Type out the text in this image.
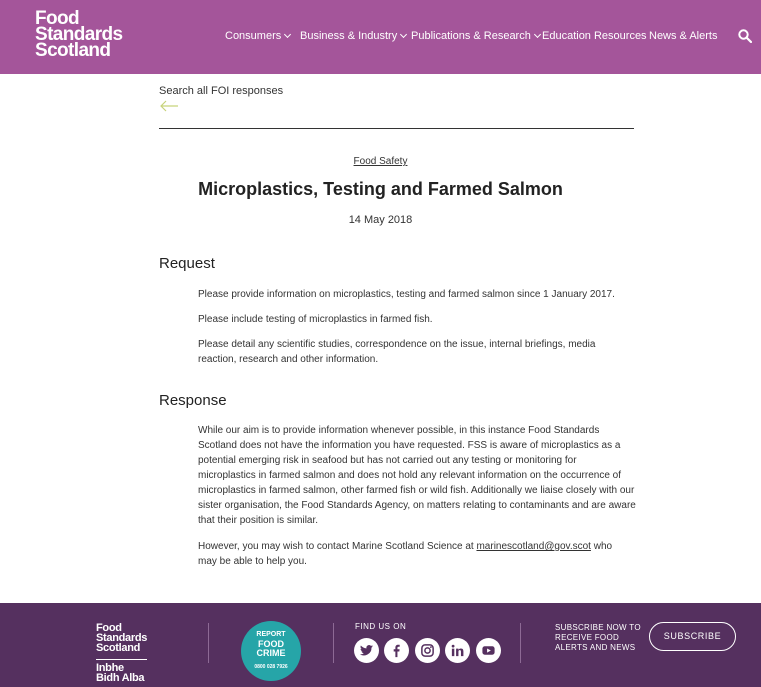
Food
Standards
Scotland
Consumers	Business & Industry	Publications & Research	Education Resources News & Alerts
Search all FOI responses
Food Safety
Microplastics, Testing and Farmed Salmon
14 May 2018
Request
Please provide information on microplastics, testing and farmed salmon since 1 January 2017.
Please include testing of microplastics in farmed fish.
Please detail any scientific studies, correspondence on the issue, internal briefings, media reaction, research and other information.
Response
While our aim is to provide information whenever possible, in this instance Food Standards Scotland does not have the information you have requested. FSS is aware of microplastics as a potential emerging risk in seafood but has not carried out any testing or monitoring for microplastics in farmed salmon and does not hold any relevant information on the occurrence of microplastics in farmed salmon, other farmed fish or wild fish. Additionally we liaise closely with our sister organisation, the Food Standards Agency, on matters relating to contaminants and are aware that their position is similar.
However, you may wish to contact Marine Scotland Science at marinescotland@gov.scot who may be able to help you.
Food
Standards
Scotland
Inbhe
Bidh Alba
REPORT
FOOD
CRIME
0800 028 7926
FIND US ON	SUBSCRIBE NOW TO RECEIVE FOOD ALERTS AND NEWS
SUBSCRIBE
